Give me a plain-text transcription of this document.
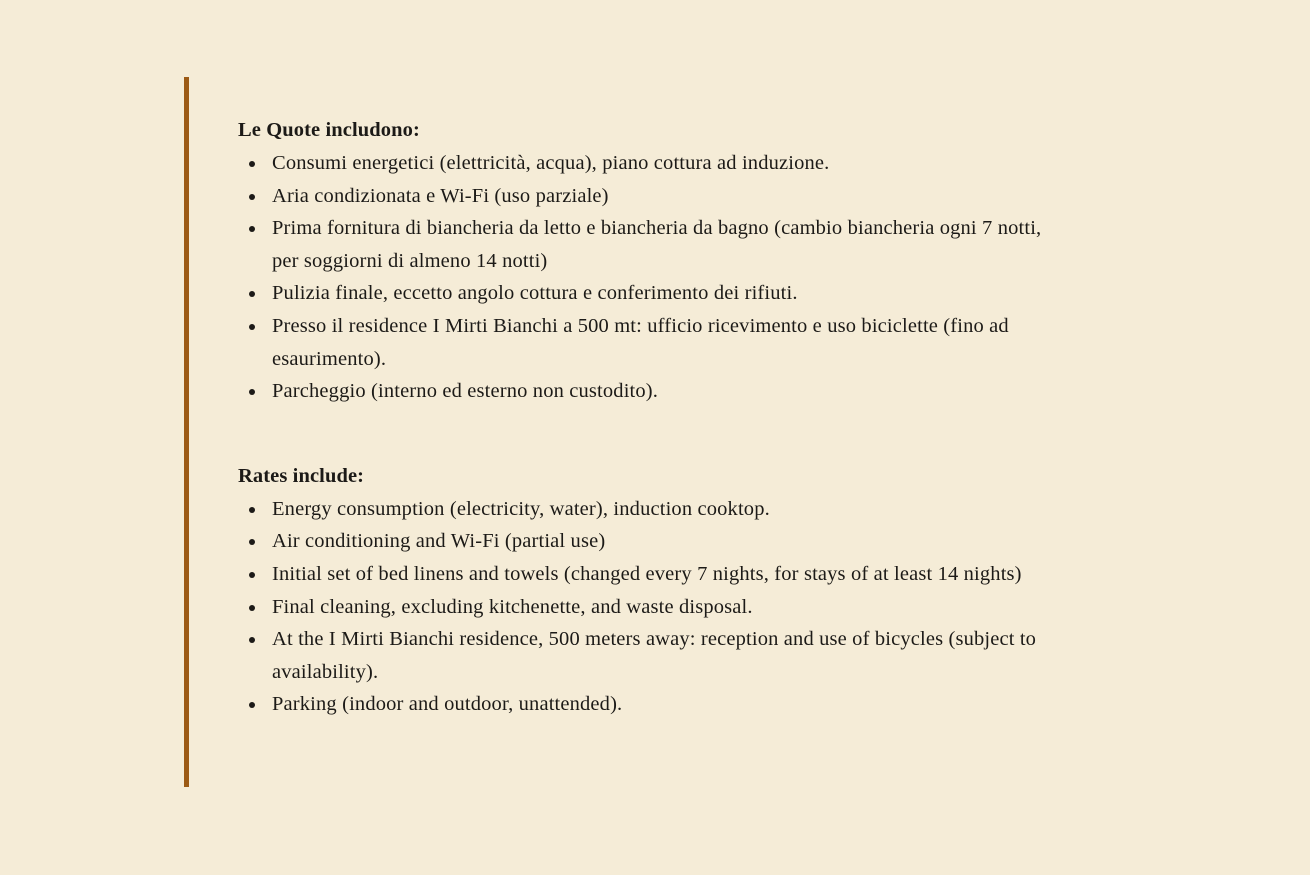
Le Quote includono:

Consumi energetici (elettricità, acqua), piano cottura ad induzione.
Aria condizionata e Wi-Fi (uso parziale)
Prima fornitura di biancheria da letto e biancheria da bagno (cambio biancheria ogni 7 notti, per soggiorni di almeno 14 notti)
Pulizia finale, eccetto angolo cottura e conferimento dei rifiuti.
Presso il residence I Mirti Bianchi a 500 mt: ufficio ricevimento e uso biciclette (fino ad esaurimento).
Parcheggio (interno ed esterno non custodito).

Rates include:

Energy consumption (electricity, water), induction cooktop.
Air conditioning and Wi-Fi (partial use)
Initial set of bed linens and towels (changed every 7 nights, for stays of at least 14 nights)
Final cleaning, excluding kitchenette, and waste disposal.
At the I Mirti Bianchi residence, 500 meters away: reception and use of bicycles (subject to availability).
Parking (indoor and outdoor, unattended).
